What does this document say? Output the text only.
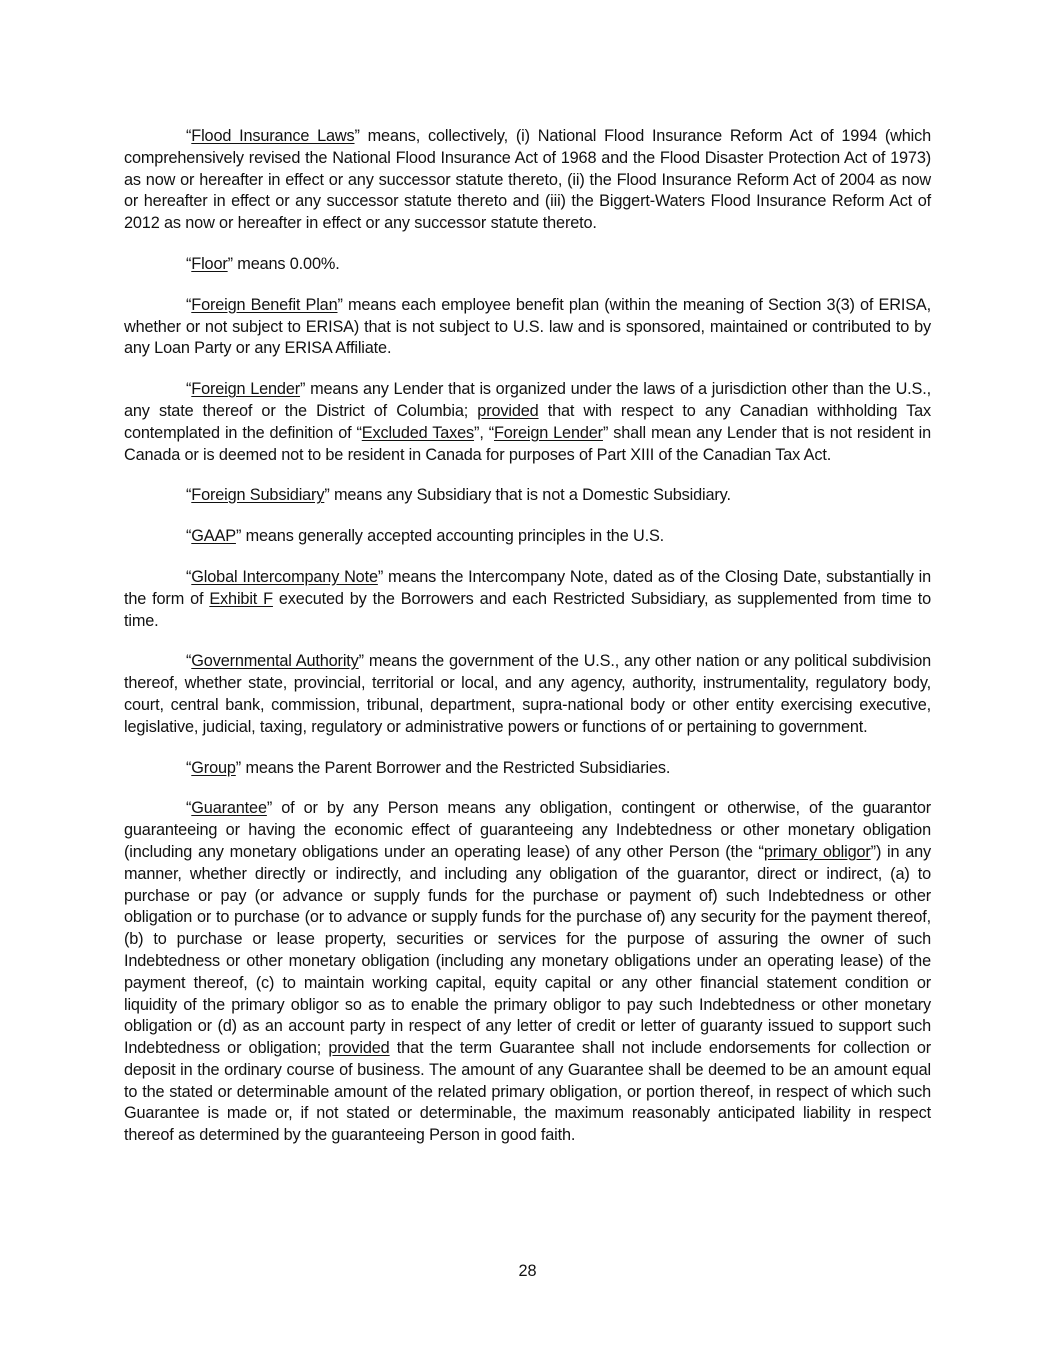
“Flood Insurance Laws” means, collectively, (i) National Flood Insurance Reform Act of 1994 (which comprehensively revised the National Flood Insurance Act of 1968 and the Flood Disaster Protection Act of 1973) as now or hereafter in effect or any successor statute thereto, (ii) the Flood Insurance Reform Act of 2004 as now or hereafter in effect or any successor statute thereto and (iii) the Biggert-Waters Flood Insurance Reform Act of 2012 as now or hereafter in effect or any successor statute thereto.

“Floor” means 0.00%.

“Foreign Benefit Plan” means each employee benefit plan (within the meaning of Section 3(3) of ERISA, whether or not subject to ERISA) that is not subject to U.S. law and is sponsored, maintained or contributed to by any Loan Party or any ERISA Affiliate.

“Foreign Lender” means any Lender that is organized under the laws of a jurisdiction other than the U.S., any state thereof or the District of Columbia; provided that with respect to any Canadian withholding Tax contemplated in the definition of “Excluded Taxes”, “Foreign Lender” shall mean any Lender that is not resident in Canada or is deemed not to be resident in Canada for purposes of Part XIII of the Canadian Tax Act.

“Foreign Subsidiary” means any Subsidiary that is not a Domestic Subsidiary.

“GAAP” means generally accepted accounting principles in the U.S.

“Global Intercompany Note” means the Intercompany Note, dated as of the Closing Date, substantially in the form of Exhibit F executed by the Borrowers and each Restricted Subsidiary, as supplemented from time to time.

“Governmental Authority” means the government of the U.S., any other nation or any political subdivision thereof, whether state, provincial, territorial or local, and any agency, authority, instrumentality, regulatory body, court, central bank, commission, tribunal, department, supra-national body or other entity exercising executive, legislative, judicial, taxing, regulatory or administrative powers or functions of or pertaining to government.

“Group” means the Parent Borrower and the Restricted Subsidiaries.

“Guarantee” of or by any Person means any obligation, contingent or otherwise, of the guarantor guaranteeing or having the economic effect of guaranteeing any Indebtedness or other monetary obligation (including any monetary obligations under an operating lease) of any other Person (the “primary obligor”) in any manner, whether directly or indirectly, and including any obligation of the guarantor, direct or indirect, (a) to purchase or pay (or advance or supply funds for the purchase or payment of) such Indebtedness or other obligation or to purchase (or to advance or supply funds for the purchase of) any security for the payment thereof, (b) to purchase or lease property, securities or services for the purpose of assuring the owner of such Indebtedness or other monetary obligation (including any monetary obligations under an operating lease) of the payment thereof, (c) to maintain working capital, equity capital or any other financial statement condition or liquidity of the primary obligor so as to enable the primary obligor to pay such Indebtedness or other monetary obligation or (d) as an account party in respect of any letter of credit or letter of guaranty issued to support such Indebtedness or obligation; provided that the term Guarantee shall not include endorsements for collection or deposit in the ordinary course of business. The amount of any Guarantee shall be deemed to be an amount equal to the stated or determinable amount of the related primary obligation, or portion thereof, in respect of which such Guarantee is made or, if not stated or determinable, the maximum reasonably anticipated liability in respect thereof as determined by the guaranteeing Person in good faith.

28
